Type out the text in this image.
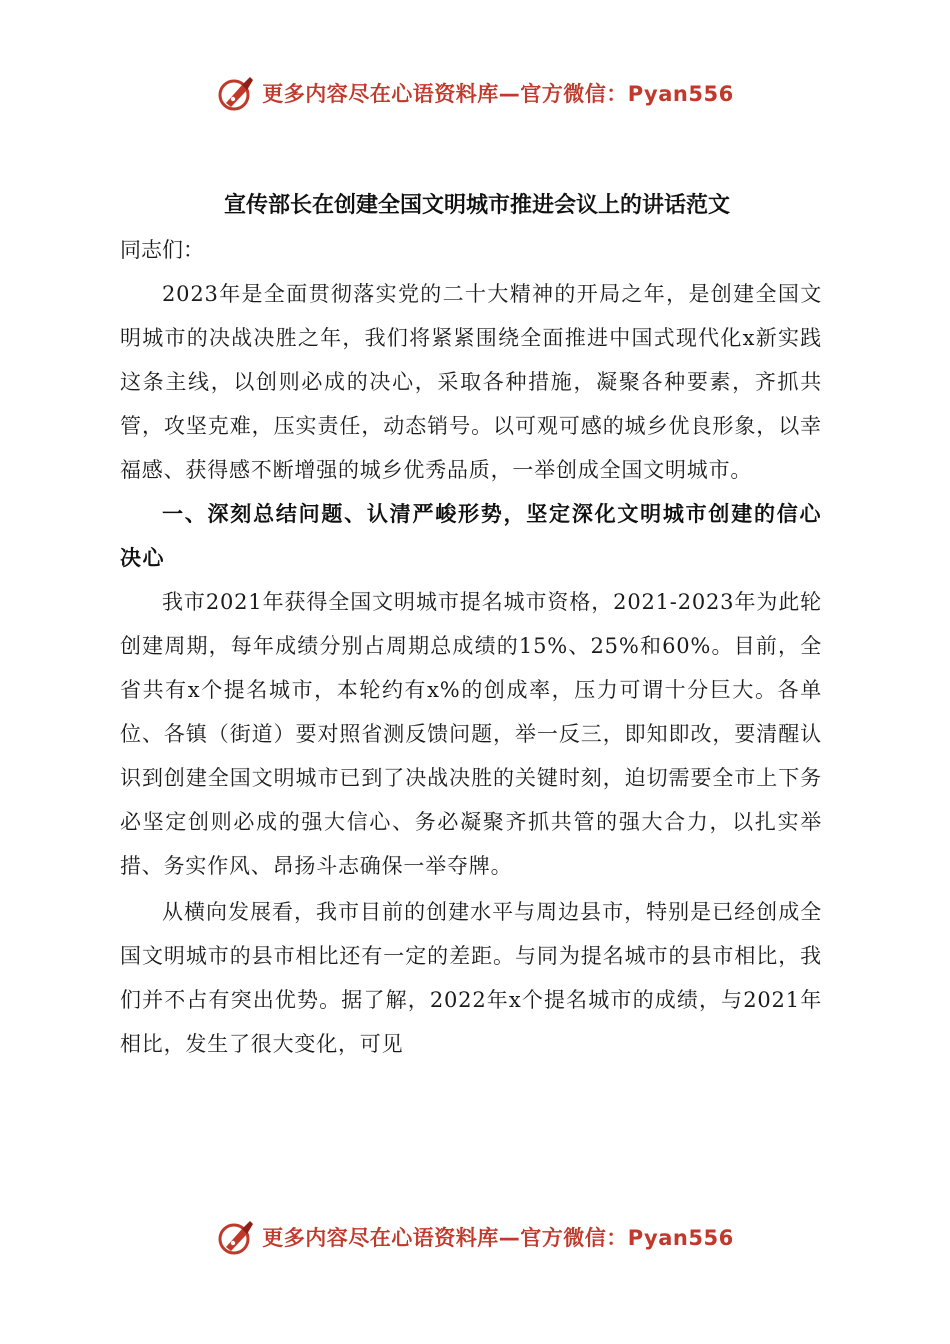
更多内容尽在心语资料库—官方微信：Pyan556
宣传部长在创建全国文明城市推进会议上的讲话范文

同志们：

2023年是全面贯彻落实党的二十大精神的开局之年，是创建全国文明城市的决战决胜之年，我们将紧紧围绕全面推进中国式现代化x新实践这条主线，以创则必成的决心，采取各种措施，凝聚各种要素，齐抓共管，攻坚克难，压实责任，动态销号。以可观可感的城乡优良形象，以幸福感、获得感不断增强的城乡优秀品质，一举创成全国文明城市。

一、深刻总结问题、认清严峻形势，坚定深化文明城市创建的信心决心

我市2021年获得全国文明城市提名城市资格，2021-2023年为此轮创建周期，每年成绩分别占周期总成绩的15%、25%和60%。目前，全省共有x个提名城市，本轮约有x%的创成率，压力可谓十分巨大。各单位、各镇（街道）要对照省测反馈问题，举一反三，即知即改，要清醒认识到创建全国文明城市已到了决战决胜的关键时刻，迫切需要全市上下务必坚定创则必成的强大信心、务必凝聚齐抓共管的强大合力，以扎实举措、务实作风、昂扬斗志确保一举夺牌。

从横向发展看，我市目前的创建水平与周边县市，特别是已经创成全国文明城市的县市相比还有一定的差距。与同为提名城市的县市相比，我们并不占有突出优势。据了解，2022年x个提名城市的成绩，与2021年相比，发生了很大变化，可见

更多内容尽在心语资料库—官方微信：Pyan556
